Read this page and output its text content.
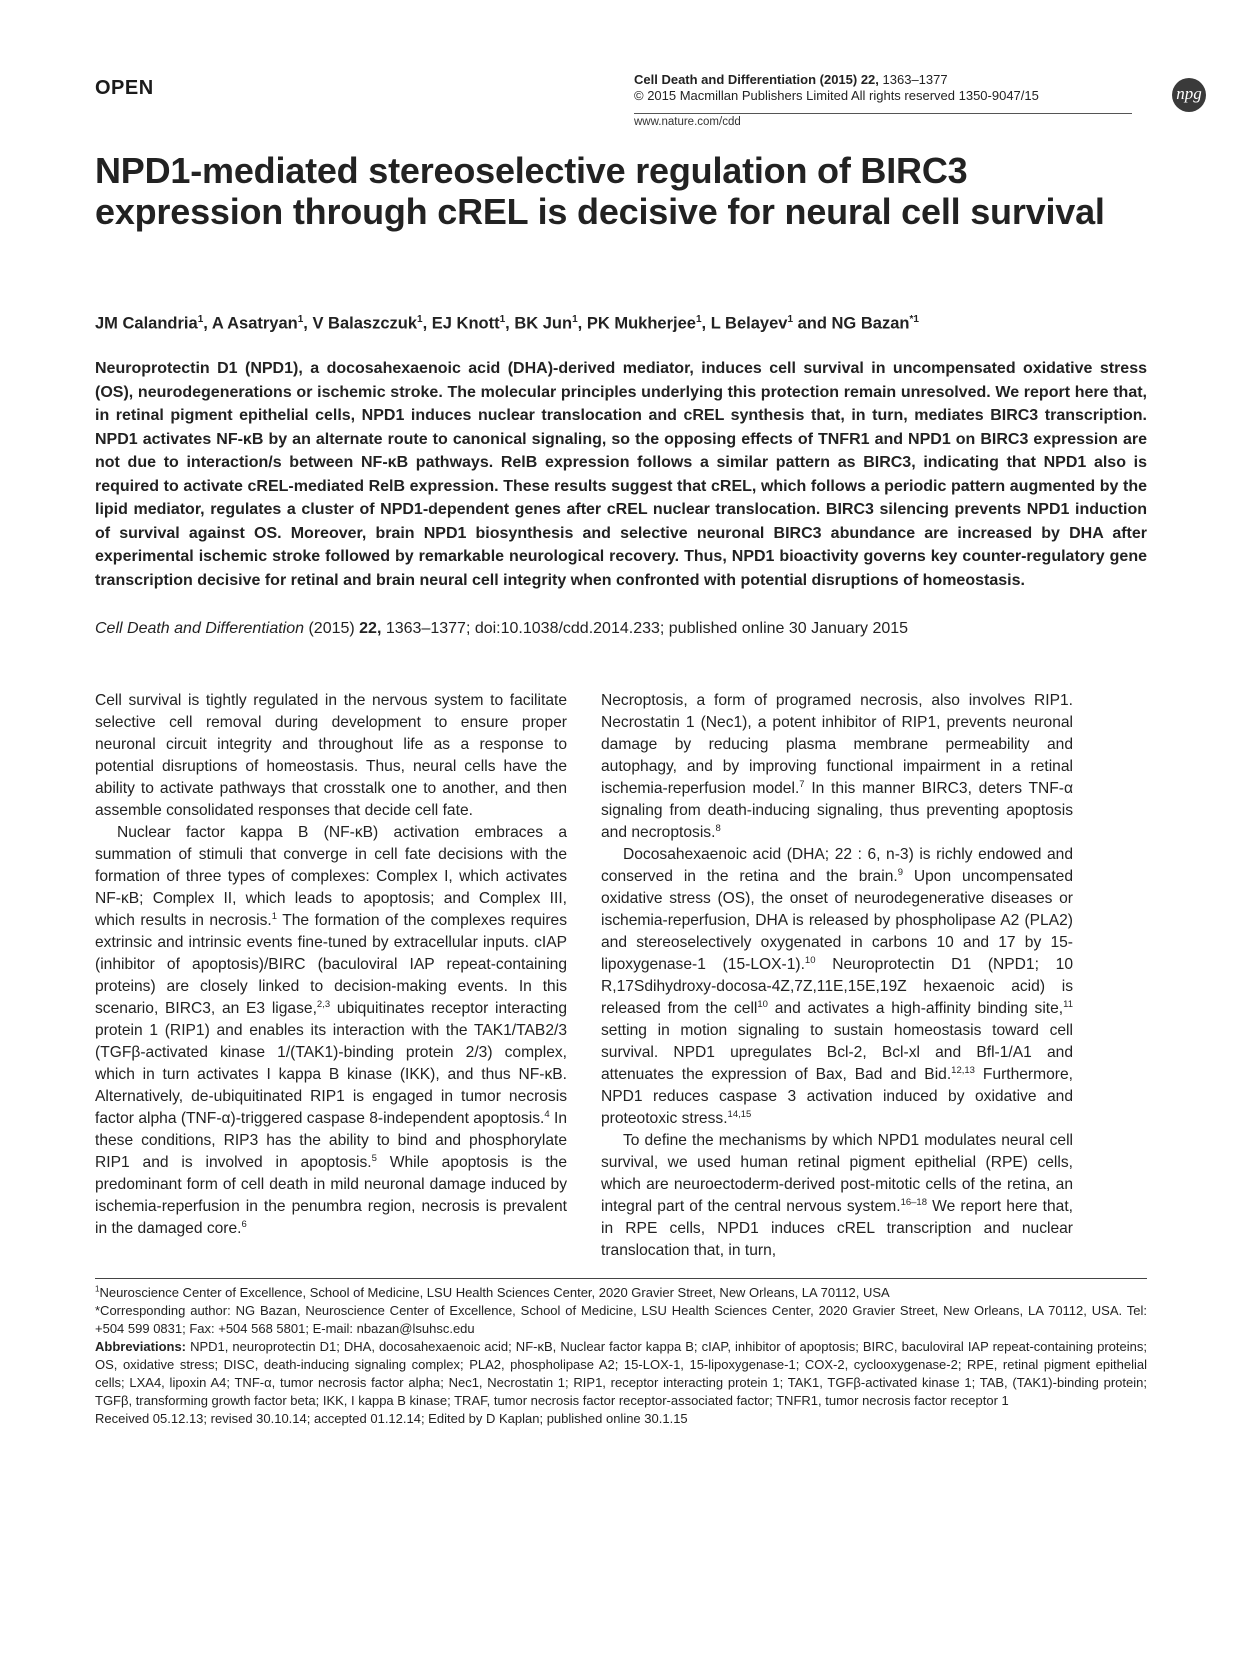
OPEN	Cell Death and Differentiation (2015) 22, 1363–1377
© 2015 Macmillan Publishers Limited All rights reserved 1350-9047/15
www.nature.com/cdd
npg
NPD1-mediated stereoselective regulation of BIRC3 expression through cREL is decisive for neural cell survival
JM Calandria$^1$, A Asatryan$^1$, V Balaszczuk$^1$, EJ Knott$^1$, BK Jun$^1$, PK Mukherjee$^1$, L Belayev$^1$ and NG Bazan$^{*1}$
Neuroprotectin D1 (NPD1), a docosahexaenoic acid (DHA)-derived mediator, induces cell survival in uncompensated oxidative stress (OS), neurodegenerations or ischemic stroke. The molecular principles underlying this protection remain unresolved. We report here that, in retinal pigment epithelial cells, NPD1 induces nuclear translocation and cREL synthesis that, in turn, mediates BIRC3 transcription. NPD1 activates NF-κB by an alternate route to canonical signaling, so the opposing effects of TNFR1 and NPD1 on BIRC3 expression are not due to interaction/s between NF-κB pathways. RelB expression follows a similar pattern as BIRC3, indicating that NPD1 also is required to activate cREL-mediated RelB expression. These results suggest that cREL, which follows a periodic pattern augmented by the lipid mediator, regulates a cluster of NPD1-dependent genes after cREL nuclear translocation. BIRC3 silencing prevents NPD1 induction of survival against OS. Moreover, brain NPD1 biosynthesis and selective neuronal BIRC3 abundance are increased by DHA after experimental ischemic stroke followed by remarkable neurological recovery. Thus, NPD1 bioactivity governs key counter-regulatory gene transcription decisive for retinal and brain neural cell integrity when confronted with potential disruptions of homeostasis.
Cell Death and Differentiation (2015) 22, 1363–1377; doi:10.1038/cdd.2014.233; published online 30 January 2015

Cell survival is tightly regulated in the nervous system to facilitate selective cell removal during development to ensure proper neuronal circuit integrity and throughout life as a response to potential disruptions of homeostasis. Thus, neural cells have the ability to activate pathways that crosstalk one to another, and then assemble consolidated responses that decide cell fate.

Nuclear factor kappa B (NF-κB) activation embraces a summation of stimuli that converge in cell fate decisions with the formation of three types of complexes: Complex I, which activates NF-κB; Complex II, which leads to apoptosis; and Complex III, which results in necrosis.$^1$ The formation of the complexes requires extrinsic and intrinsic events fine-tuned by extracellular inputs. cIAP (inhibitor of apoptosis)/BIRC (baculoviral IAP repeat-containing proteins) are closely linked to decision-making events. In this scenario, BIRC3, an E3 ligase,$^{2,3}$ ubiquitinates receptor interacting protein 1 (RIP1) and enables its interaction with the TAK1/TAB2/3 (TGFβ-activated kinase 1/(TAK1)-binding protein 2/3) complex, which in turn activates I kappa B kinase (IKK), and thus NF-κB. Alternatively, de-ubiquitinated RIP1 is engaged in tumor necrosis factor alpha (TNF-α)-triggered caspase 8-independent apoptosis.$^4$ In these conditions, RIP3 has the ability to bind and phosphorylate RIP1 and is involved in apoptosis.$^5$ While apoptosis is the predominant form of cell death in mild neuronal damage induced by ischemia-reperfusion in the penumbra region, necrosis is prevalent in the damaged core.$^6$

Necroptosis, a form of programed necrosis, also involves RIP1. Necrostatin 1 (Nec1), a potent inhibitor of RIP1, prevents neuronal damage by reducing plasma membrane permeability and autophagy, and by improving functional impairment in a retinal ischemia-reperfusion model.$^7$ In this manner BIRC3, deters TNF-α signaling from death-inducing signaling, thus preventing apoptosis and necroptosis.$^8$

Docosahexaenoic acid (DHA; 22 : 6, n-3) is richly endowed and conserved in the retina and the brain.$^9$ Upon uncompensated oxidative stress (OS), the onset of neurodegenerative diseases or ischemia-reperfusion, DHA is released by phospholipase A2 (PLA2) and stereoselectively oxygenated in carbons 10 and 17 by 15-lipoxygenase-1 (15-LOX-1).$^{10}$ Neuroprotectin D1 (NPD1; 10 R,17Sdihydroxy-docosa-4Z,7Z,11E,15E,19Z hexaenoic acid) is released from the cell$^{10}$ and activates a high-affinity binding site,$^{11}$ setting in motion signaling to sustain homeostasis toward cell survival. NPD1 upregulates Bcl-2, Bcl-xl and Bfl-1/A1 and attenuates the expression of Bax, Bad and Bid.$^{12,13}$ Furthermore, NPD1 reduces caspase 3 activation induced by oxidative and proteotoxic stress.$^{14,15}$

To define the mechanisms by which NPD1 modulates neural cell survival, we used human retinal pigment epithelial (RPE) cells, which are neuroectoderm-derived post-mitotic cells of the retina, an integral part of the central nervous system.$^{16-18}$ We report here that, in RPE cells, NPD1 induces cREL transcription and nuclear translocation that, in turn,

$^1$Neuroscience Center of Excellence, School of Medicine, LSU Health Sciences Center, 2020 Gravier Street, New Orleans, LA 70112, USA

*Corresponding author: NG Bazan, Neuroscience Center of Excellence, School of Medicine, LSU Health Sciences Center, 2020 Gravier Street, New Orleans, LA 70112, USA. Tel: +504 599 0831; Fax: +504 568 5801; E-mail: nbazan@lsuhsc.edu

Abbreviations: NPD1, neuroprotectin D1; DHA, docosahexaenoic acid; NF-κB, Nuclear factor kappa B; cIAP, inhibitor of apoptosis; BIRC, baculoviral IAP repeat-containing proteins; OS, oxidative stress; DISC, death-inducing signaling complex; PLA2, phospholipase A2; 15-LOX-1, 15-lipoxygenase-1; COX-2, cyclooxygenase-2; RPE, retinal pigment epithelial cells; LXA4, lipoxin A4; TNF-α, tumor necrosis factor alpha; Nec1, Necrostatin 1; RIP1, receptor interacting protein 1; TAK1, TGFβ-activated kinase 1; TAB, (TAK1)-binding protein; TGFβ, transforming growth factor beta; IKK, I kappa B kinase; TRAF, tumor necrosis factor receptor-associated factor; TNFR1, tumor necrosis factor receptor 1

Received 05.12.13; revised 30.10.14; accepted 01.12.14; Edited by D Kaplan; published online 30.1.15
